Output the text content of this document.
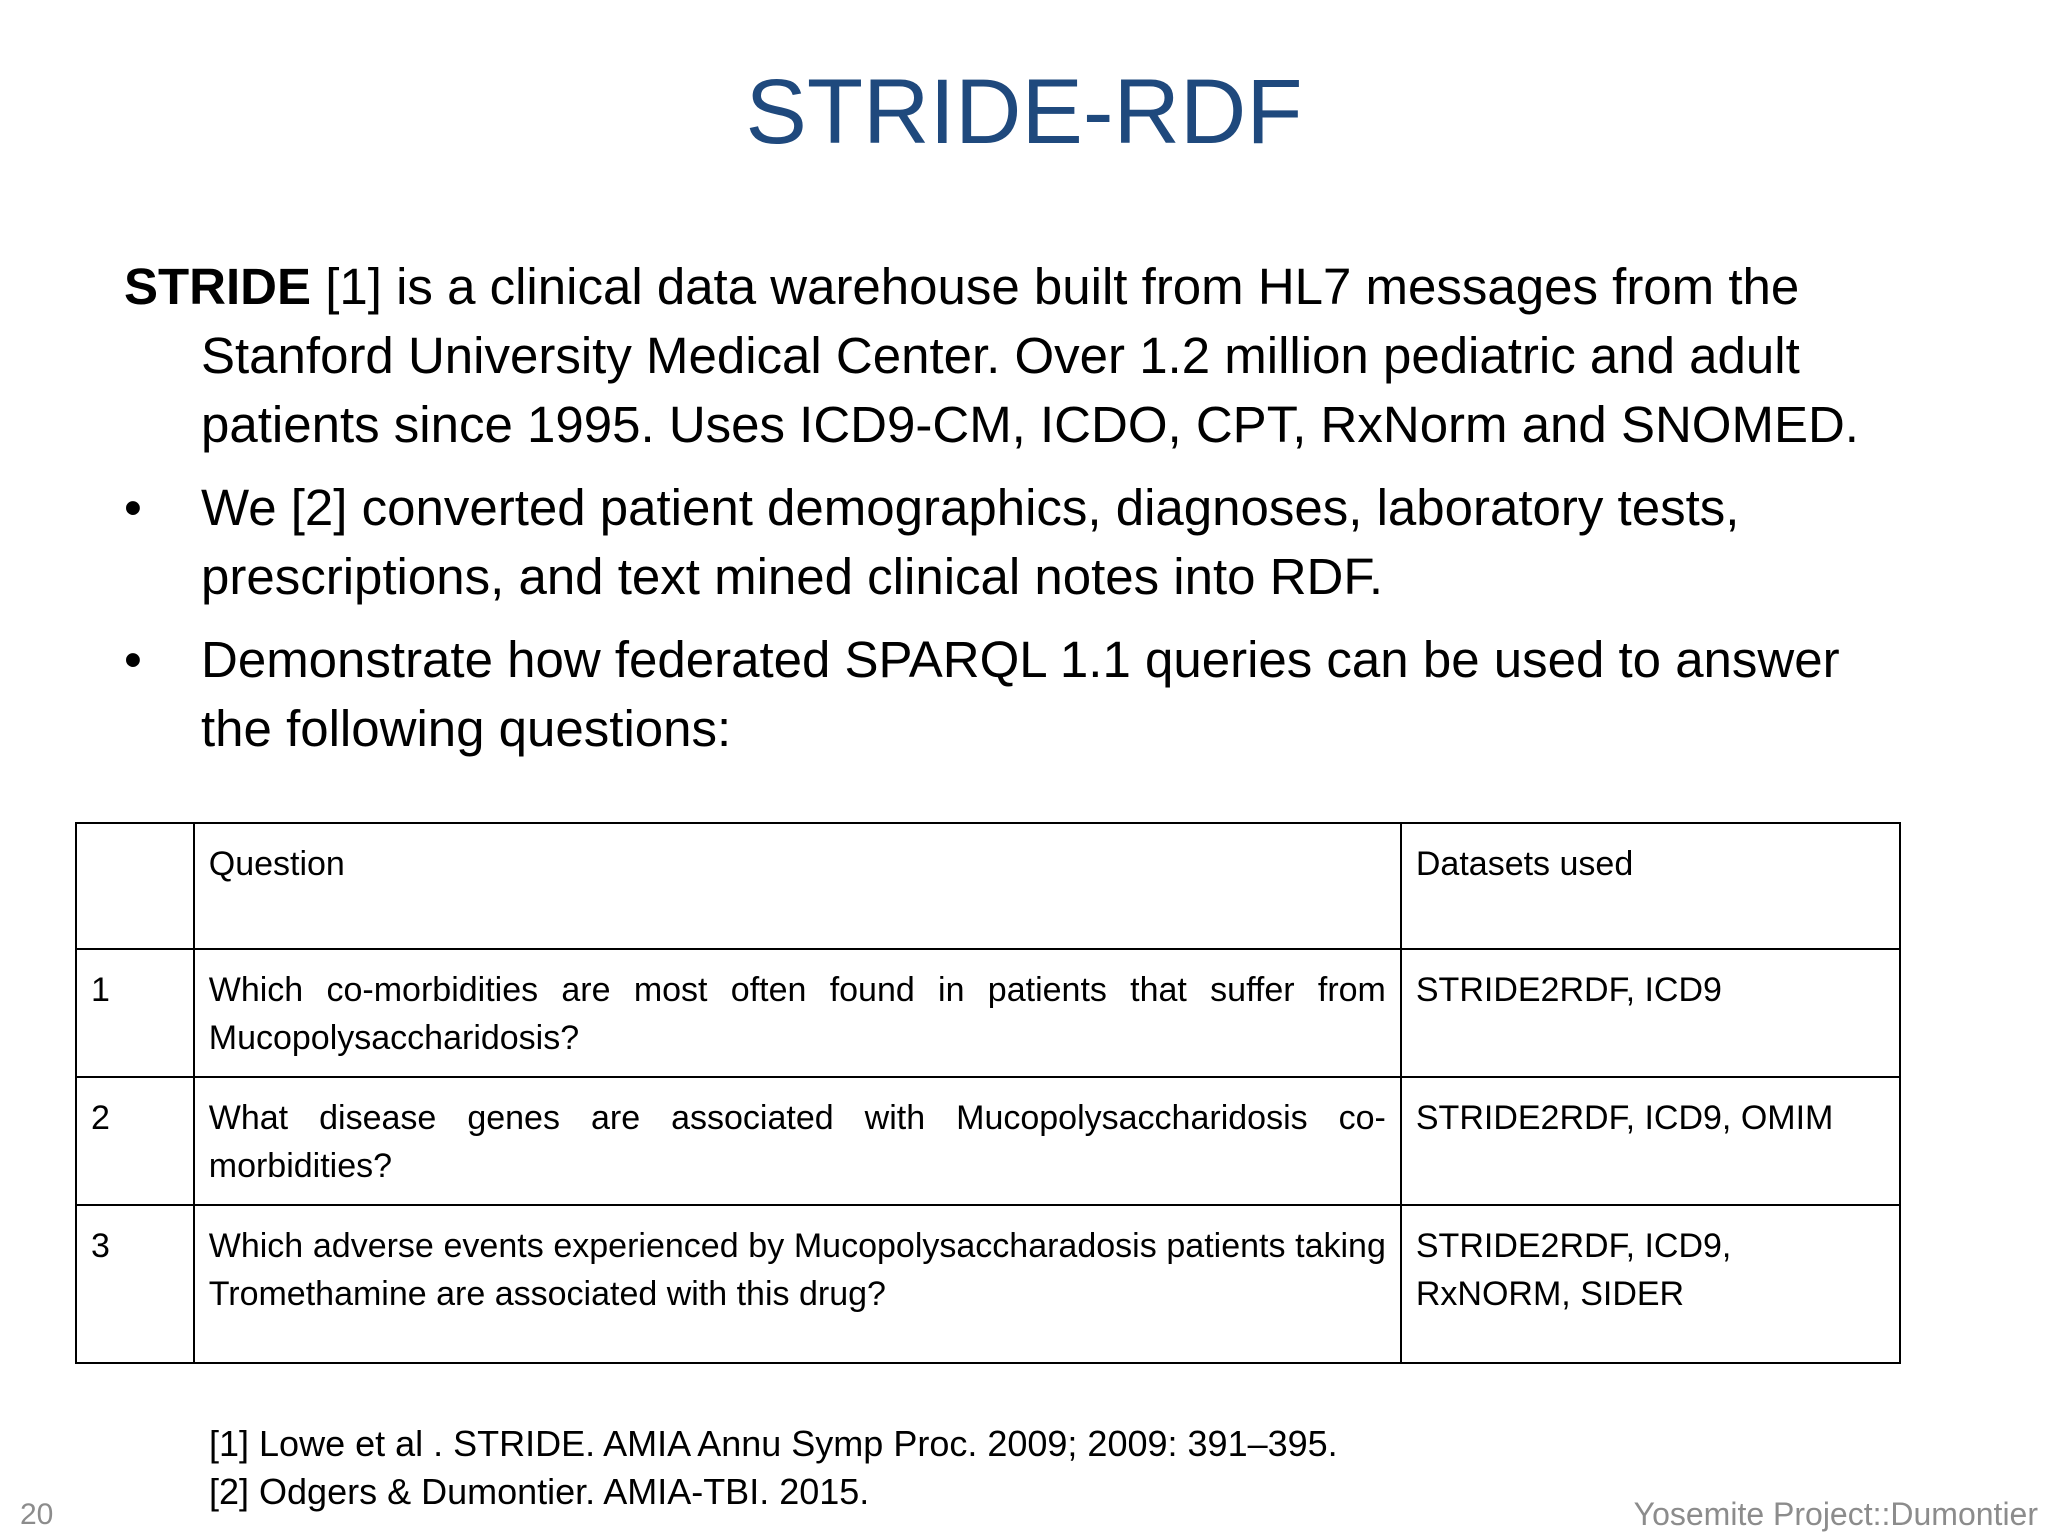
STRIDE-RDF

STRIDE [1] is a clinical data warehouse built from HL7 messages from the Stanford University Medical Center. Over 1.2 million pediatric and adult patients since 1995. Uses ICD9-CM, ICDO, CPT, RxNorm and SNOMED.

•	We [2] converted patient demographics, diagnoses, laboratory tests, prescriptions, and text mined clinical notes into RDF.
•	Demonstrate how federated SPARQL 1.1 queries can be used to answer the following questions:
	Question	Datasets used
1	Which co-morbidities are most often found in patients that suffer from Mucopolysaccharidosis?	STRIDE2RDF, ICD9
2	What disease genes are associated with Mucopolysaccharidosis co-morbidities?	STRIDE2RDF, ICD9, OMIM
3	Which adverse events experienced by Mucopolysaccharadosis patients taking Tromethamine are associated with this drug?	STRIDE2RDF, ICD9, RxNORM, SIDER
[1] Lowe et al . STRIDE. AMIA Annu Symp Proc. 2009; 2009: 391–395.
[2] Odgers & Dumontier. AMIA-TBI. 2015.
20	Yosemite Project::Dumontier
